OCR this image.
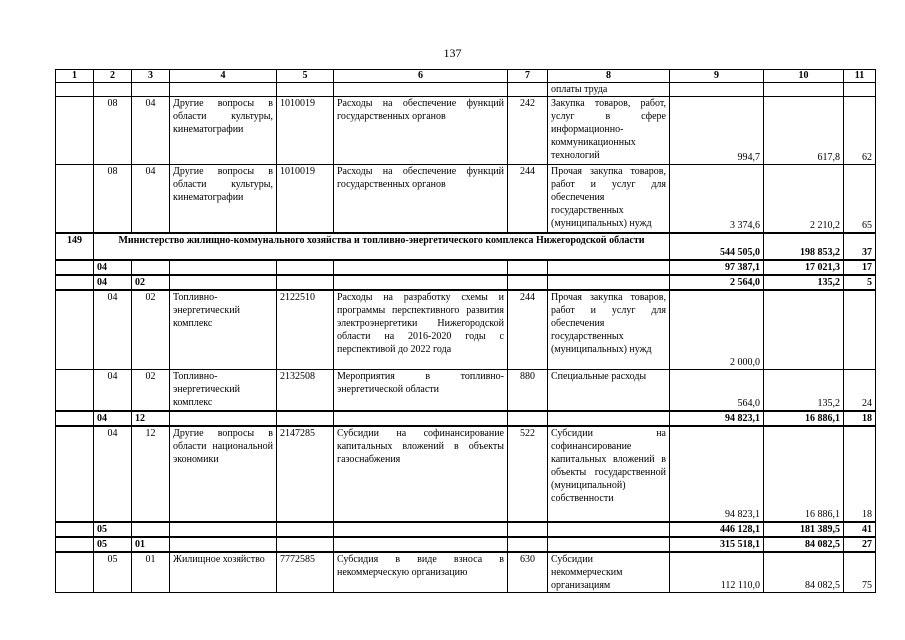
137
1	2	3	4	5	6	7	8	9	10	11
							оплаты труда			
	08	04	Другие вопросы в области культуры, кинематографии	1010019	Расходы на обеспечение функций государственных органов	242	Закупка товаров, работ, услуг в сфере информационно-коммуникационных технологий	994,7	617,8	62
	08	04	Другие вопросы в области культуры, кинематографии	1010019	Расходы на обеспечение функций государственных органов	244	Прочая закупка товаров, работ и услуг для обеспечения государственных (муниципальных) нужд	3 374,6	2 210,2	65
149	Министерство жилищно-коммунального хозяйства и топливно-энергетического комплекса Нижегородской области							544 505,0	198 853,2	37
	04							97 387,1	17 021,3	17
	04	02						2 564,0	135,2	5
	04	02	Топливно-энергетический комплекс	2122510	Расходы на разработку схемы и программы перспективного развития электроэнергетики Нижегородской области на 2016-2020 годы с перспективой до 2022 года	244	Прочая закупка товаров, работ и услуг для обеспечения государственных (муниципальных) нужд	2 000,0		
	04	02	Топливно-энергетический комплекс	2132508	Мероприятия в топливно-энергетической области	880	Специальные расходы	564,0	135,2	24
	04	12						94 823,1	16 886,1	18
	04	12	Другие вопросы в области национальной экономики	2147285	Субсидии на софинансирование капитальных вложений в объекты газоснабжения	522	Субсидии на софинансирование капитальных вложений в объекты государственной (муниципальной) собственности	94 823,1	16 886,1	18
	05							446 128,1	181 389,5	41
	05	01						315 518,1	84 082,5	27
	05	01	Жилищное хозяйство	7772585	Субсидия в виде взноса в некоммерческую организацию	630	Субсидии некоммерческим организациям	112 110,0	84 082,5	75
